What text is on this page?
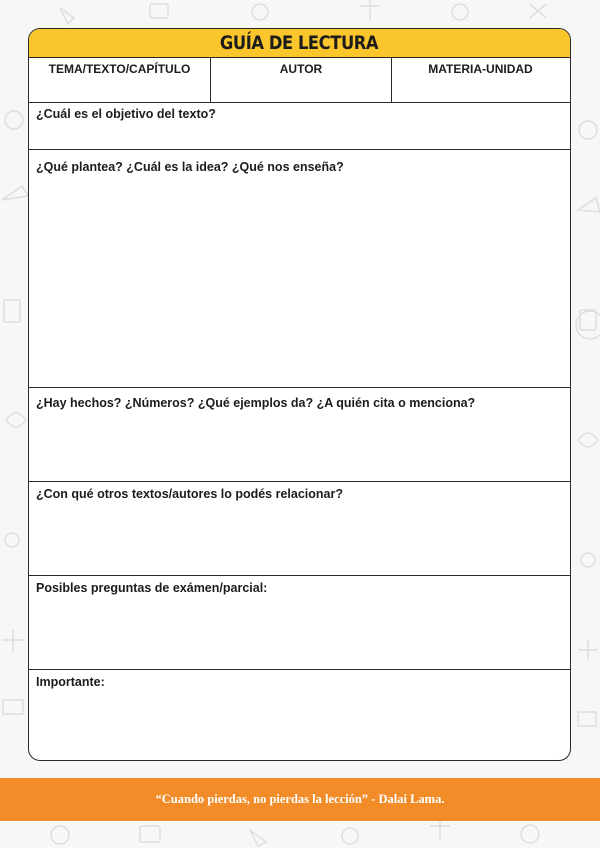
GUÍA DE LECTURA
TEMA/TEXTO/CAPÍTULO	AUTOR	MATERIA-UNIDAD
¿Cuál es el objetivo del texto?
¿Qué plantea? ¿Cuál es la idea? ¿Qué nos enseña?
¿Hay hechos? ¿Números? ¿Qué ejemplos da? ¿A quién cita o menciona?
¿Con qué otros textos/autores lo podés relacionar?
Posibles preguntas de exámen/parcial:
Importante:
“Cuando pierdas, no pierdas la lección” - Dalai Lama.
